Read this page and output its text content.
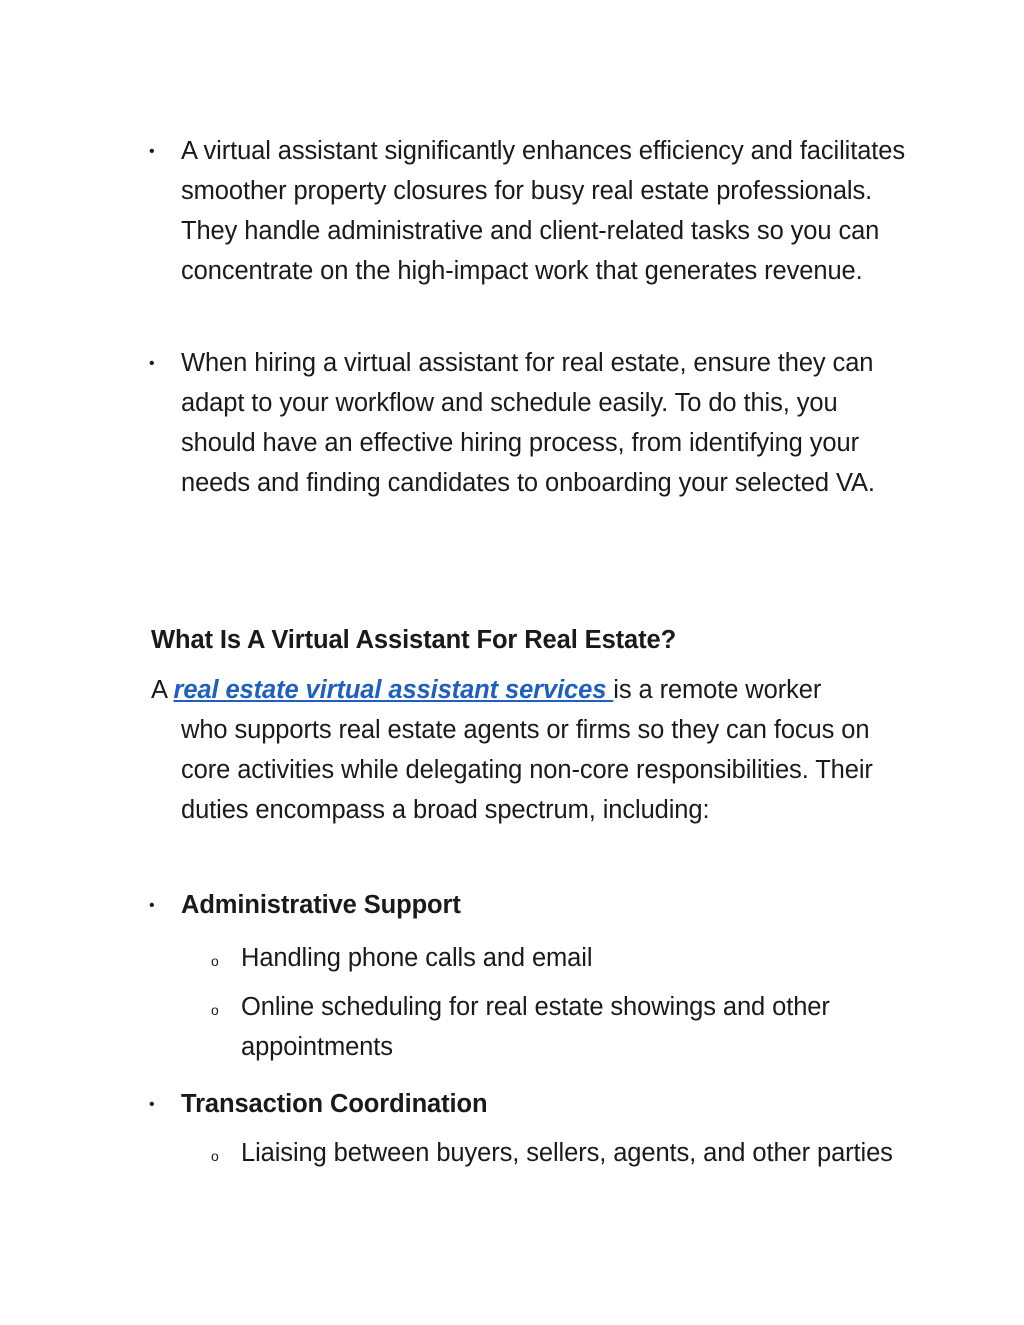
• A virtual assistant significantly enhances efficiency and facilitates smoother property closures for busy real estate professionals. They handle administrative and client-related tasks so you can concentrate on the high-impact work that generates revenue.
• When hiring a virtual assistant for real estate, ensure they can adapt to your workflow and schedule easily. To do this, you should have an effective hiring process, from identifying your needs and finding candidates to onboarding your selected VA.
What Is A Virtual Assistant For Real Estate?
A real estate virtual assistant services is a remote worker
who supports real estate agents or firms so they can focus on core activities while delegating non-core responsibilities. Their duties encompass a broad spectrum, including:
• Administrative Support
o Handling phone calls and email
o Online scheduling for real estate showings and other appointments
• Transaction Coordination
o Liaising between buyers, sellers, agents, and other parties
